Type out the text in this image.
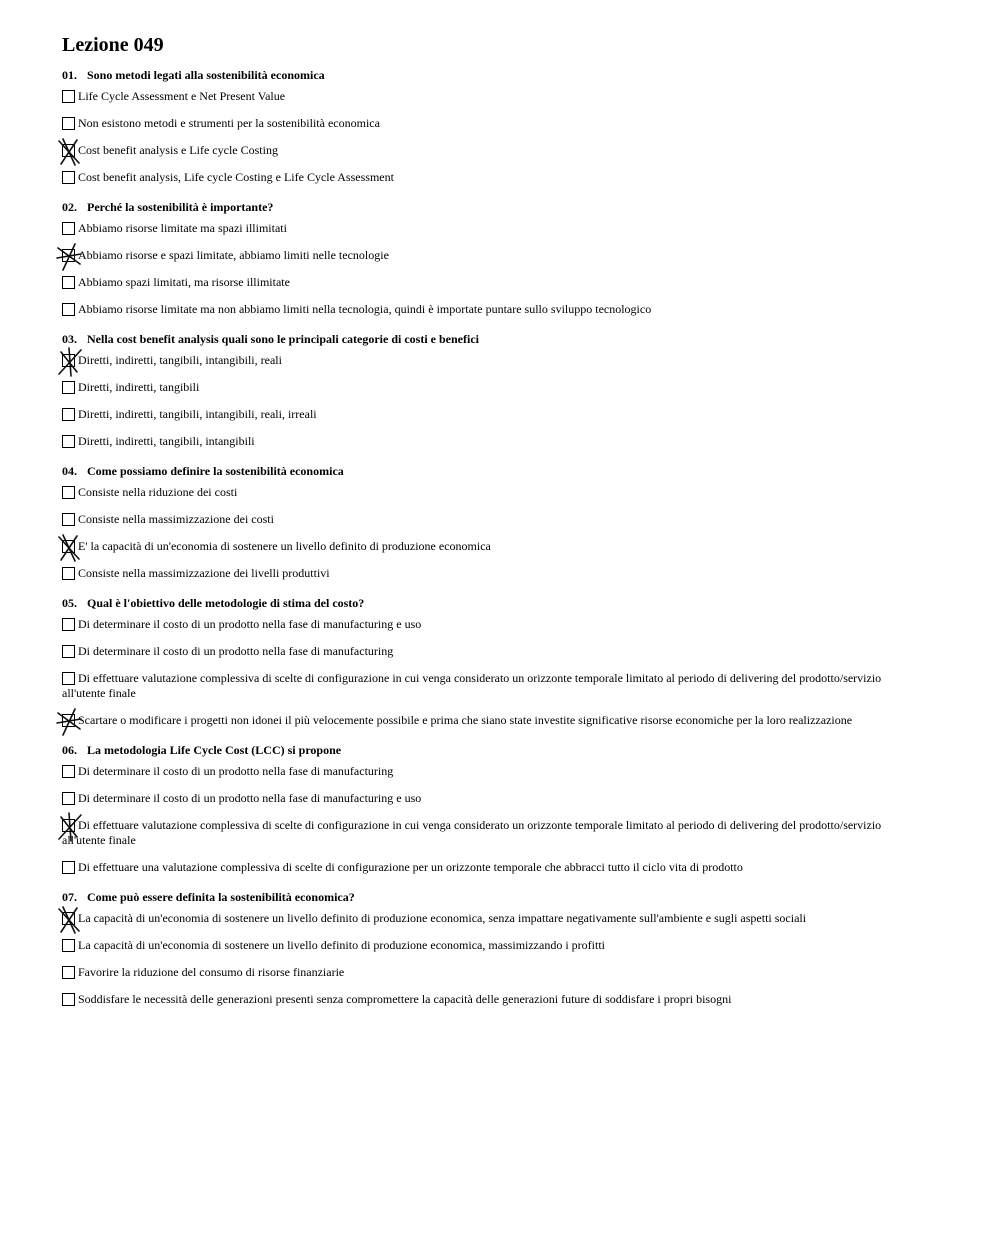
Lezione 049
01. Sono metodi legati alla sostenibilità economica
Life Cycle Assessment e Net Present Value
Non esistono metodi e strumenti per la sostenibilità economica
Cost benefit analysis e Life cycle Costing
Cost benefit analysis, Life cycle Costing e Life Cycle Assessment
02. Perché la sostenibilità è importante?
Abbiamo risorse limitate ma spazi illimitati
Abbiamo risorse e spazi limitate, abbiamo limiti nelle tecnologie
Abbiamo spazi limitati, ma risorse illimitate
Abbiamo risorse limitate ma non abbiamo limiti nella tecnologia, quindi è importate puntare sullo sviluppo tecnologico
03. Nella cost benefit analysis quali sono le principali categorie di costi e benefici
Diretti, indiretti, tangibili, intangibili, reali
Diretti, indiretti, tangibili
Diretti, indiretti, tangibili, intangibili, reali, irreali
Diretti, indiretti, tangibili, intangibili
04. Come possiamo definire la sostenibilità economica
Consiste nella riduzione dei costi
Consiste nella massimizzazione dei costi
E' la capacità di un'economia di sostenere un livello definito di produzione economica
Consiste nella massimizzazione dei livelli produttivi
05. Qual è l'obiettivo delle metodologie di stima del costo?
Di determinare il costo di un prodotto nella fase di manufacturing e uso
Di determinare il costo di un prodotto nella fase di manufacturing
Di effettuare valutazione complessiva di scelte di configurazione in cui venga considerato un orizzonte temporale limitato al periodo di delivering del prodotto/servizio all'utente finale
Scartare o modificare i progetti non idonei il più velocemente possibile e prima che siano state investite significative risorse economiche per la loro realizzazione
06. La metodologia Life Cycle Cost (LCC) si propone
Di determinare il costo di un prodotto nella fase di manufacturing
Di determinare il costo di un prodotto nella fase di manufacturing e uso
Di effettuare valutazione complessiva di scelte di configurazione in cui venga considerato un orizzonte temporale limitato al periodo di delivering del prodotto/servizio all'utente finale
Di effettuare una valutazione complessiva di scelte di configurazione per un orizzonte temporale che abbracci tutto il ciclo vita di prodotto
07. Come può essere definita la sostenibilità economica?
La capacità di un'economia di sostenere un livello definito di produzione economica, senza impattare negativamente sull'ambiente e sugli aspetti sociali
La capacità di un'economia di sostenere un livello definito di produzione economica, massimizzando i profitti
Favorire la riduzione del consumo di risorse finanziarie
Soddisfare le necessità delle generazioni presenti senza compromettere la capacità delle generazioni future di soddisfare i propri bisogni
